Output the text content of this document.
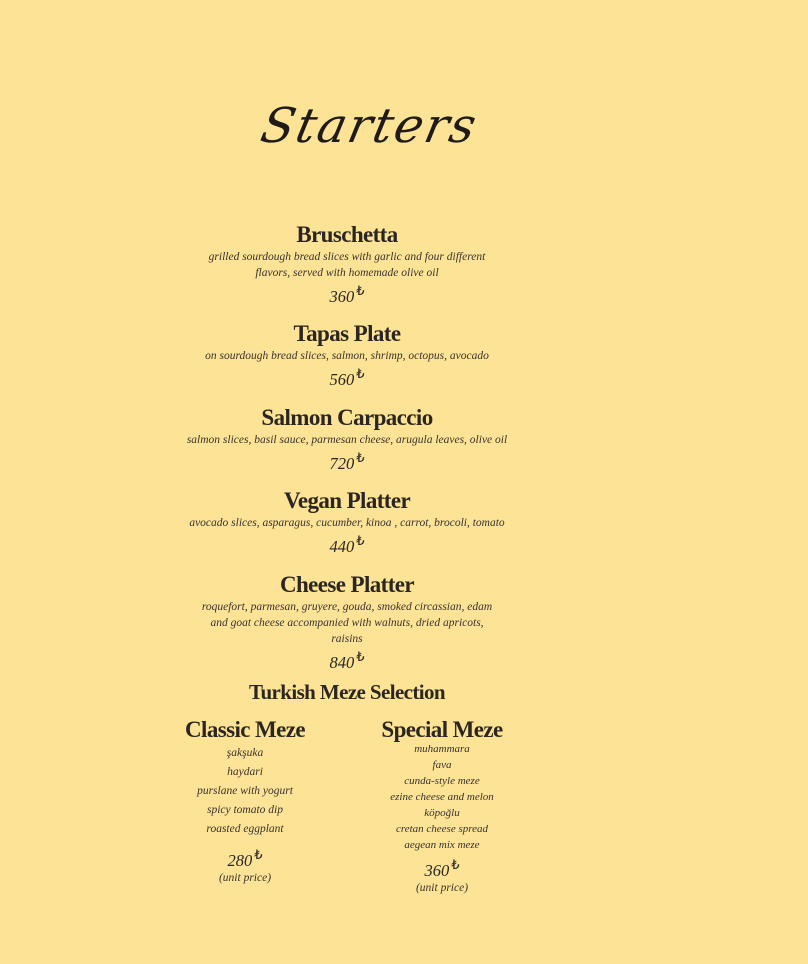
Starters
Bruschetta
grilled sourdough bread slices with garlic and four different flavors, served with homemade olive oil
360 ₺
Tapas Plate
on sourdough bread slices, salmon, shrimp, octopus, avocado
560 ₺
Salmon Carpaccio
salmon slices, basil sauce, parmesan cheese, arugula leaves, olive oil
720 ₺
Vegan Platter
avocado slices, asparagus, cucumber, kinoa , carrot, brocoli, tomato
440 ₺
Cheese Platter
roquefort, parmesan, gruyere, gouda, smoked circassian, edam and goat cheese accompanied with walnuts, dried apricots, raisins
840 ₺
Turkish Meze Selection
Classic Meze
şakşuka
haydari
purslane with yogurt
spicy tomato dip
roasted eggplant
280 ₺
(unit price)
Special Meze
muhammara
fava
cunda-style meze
ezine cheese and melon
köpoğlu
cretan cheese spread
aegean mix meze
360 ₺
(unit price)
